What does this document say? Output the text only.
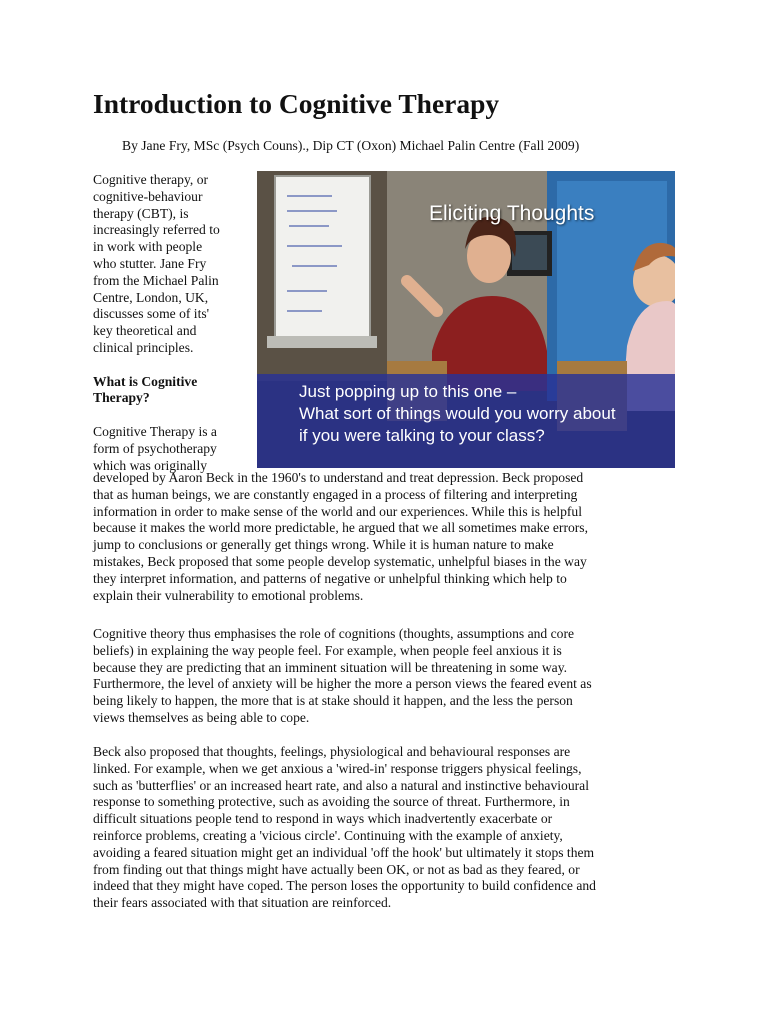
Introduction to Cognitive Therapy

By Jane Fry, MSc (Psych Couns)., Dip CT (Oxon) Michael Palin Centre (Fall 2009)

Cognitive therapy, or
cognitive-behaviour
therapy (CBT), is
increasingly referred to
in work with people
who stutter. Jane Fry
from the Michael Palin
Centre, London, UK,
discusses some of its'
key theoretical and
clinical principles.

What is Cognitive
Therapy?

Cognitive Therapy is a
form of psychotherapy
which was originally

Eliciting Thoughts
Just popping up to this one –
What sort of things would you worry about
if you were talking to your class?
developed by Aaron Beck in the 1960's to understand and treat depression. Beck proposed
that as human beings, we are constantly engaged in a process of filtering and interpreting
information in order to make sense of the world and our experiences. While this is helpful
because it makes the world more predictable, he argued that we all sometimes make errors,
jump to conclusions or generally get things wrong. While it is human nature to make
mistakes, Beck proposed that some people develop systematic, unhelpful biases in the way
they interpret information, and patterns of negative or unhelpful thinking which help to
explain their vulnerability to emotional problems.
Cognitive theory thus emphasises the role of cognitions (thoughts, assumptions and core
beliefs) in explaining the way people feel. For example, when people feel anxious it is
because they are predicting that an imminent situation will be threatening in some way.
Furthermore, the level of anxiety will be higher the more a person views the feared event as
being likely to happen, the more that is at stake should it happen, and the less the person
views themselves as being able to cope.
Beck also proposed that thoughts, feelings, physiological and behavioural responses are
linked. For example, when we get anxious a 'wired-in' response triggers physical feelings,
such as 'butterflies' or an increased heart rate, and also a natural and instinctive behavioural
response to something protective, such as avoiding the source of threat. Furthermore, in
difficult situations people tend to respond in ways which inadvertently exacerbate or
reinforce problems, creating a 'vicious circle'. Continuing with the example of anxiety,
avoiding a feared situation might get an individual 'off the hook' but ultimately it stops them
from finding out that things might have actually been OK, or not as bad as they feared, or
indeed that they might have coped. The person loses the opportunity to build confidence and
their fears associated with that situation are reinforced.
